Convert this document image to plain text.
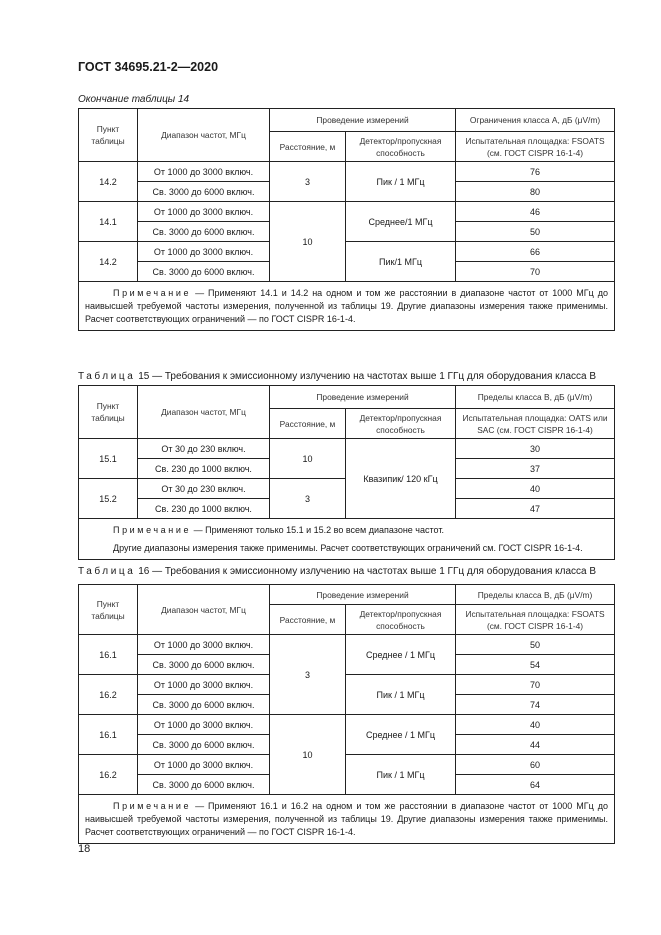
ГОСТ 34695.21-2—2020
Окончание таблицы 14
Пункт таблицы	Диапазон частот, МГц	Проведение измерений		Ограничения класса А, дБ (μV/m)
		Расстояние, м	Детектор/пропускная способность	Испытательная площадка: FSOATS (см. ГОСТ CISPR 16-1-4)
14.2	От 1000 до 3000 включ.	3	Пик / 1 МГц	76
	Св. 3000 до 6000 включ.			80
14.1	От 1000 до 3000 включ.	10	Среднее/1 МГц	46
	Св. 3000 до 6000 включ.			50
14.2	От 1000 до 3000 включ.		Пик/1 МГц	66
	Св. 3000 до 6000 включ.			70

Примечание — Применяют 14.1 и 14.2 на одном и том же расстоянии в диапазоне частот от 1000 МГц до наивысшей требуемой частоты измерения, полученной из таблицы 19. Другие диапазоны измерения также применимы. Расчет соответствующих ограничений — по ГОСТ CISPR 16-1-4.				

Таблица 15 — Требования к эмиссионному излучению на частотах выше 1 ГГц для оборудования класса В
Пункт таблицы	Диапазон частот, МГц	Проведение измерений		Пределы класса В, дБ (μV/m)
		Расстояние, м	Детектор/пропускная способность	Испытательная площадка: OATS или SAC (см. ГОСТ CISPR 16-1-4)
15.1	От 30 до 230 включ.	10	Квазипик/ 120 кГц	30
	Св. 230 до 1000 включ.			37
15.2	От 30 до 230 включ.	3		40
	Св. 230 до 1000 включ.			47

Примечание — Применяют только 15.1 и 15.2 во всем диапазоне частот.

Другие диапазоны измерения также применимы. Расчет соответствующих ограничений см. ГОСТ CISPR 16-1-4.				

Таблица 16 — Требования к эмиссионному излучению на частотах выше 1 ГГц для оборудования класса В
Пункт таблицы	Диапазон частот, МГц	Проведение измерений		Пределы класса В, дБ (μV/m)
		Расстояние, м	Детектор/пропускная способность	Испытательная площадка: FSOATS (см. ГОСТ CISPR 16-1-4)
16.1	От 1000 до 3000 включ.	3	Среднее / 1 МГц	50
	Св. 3000 до 6000 включ.			54
16.2	От 1000 до 3000 включ.		Пик / 1 МГц	70
	Св. 3000 до 6000 включ.			74
16.1	От 1000 до 3000 включ.	10	Среднее / 1 МГц	40
	Св. 3000 до 6000 включ.			44
16.2	От 1000 до 3000 включ.		Пик / 1 МГц	60
	Св. 3000 до 6000 включ.			64

Примечание — Применяют 16.1 и 16.2 на одном и том же расстоянии в диапазоне частот от 1000 МГц до наивысшей требуемой частоты измерения, полученной из таблицы 19. Другие диапазоны измерения также применимы. Расчет соответствующих ограничений — по ГОСТ CISPR 16-1-4.				

18
